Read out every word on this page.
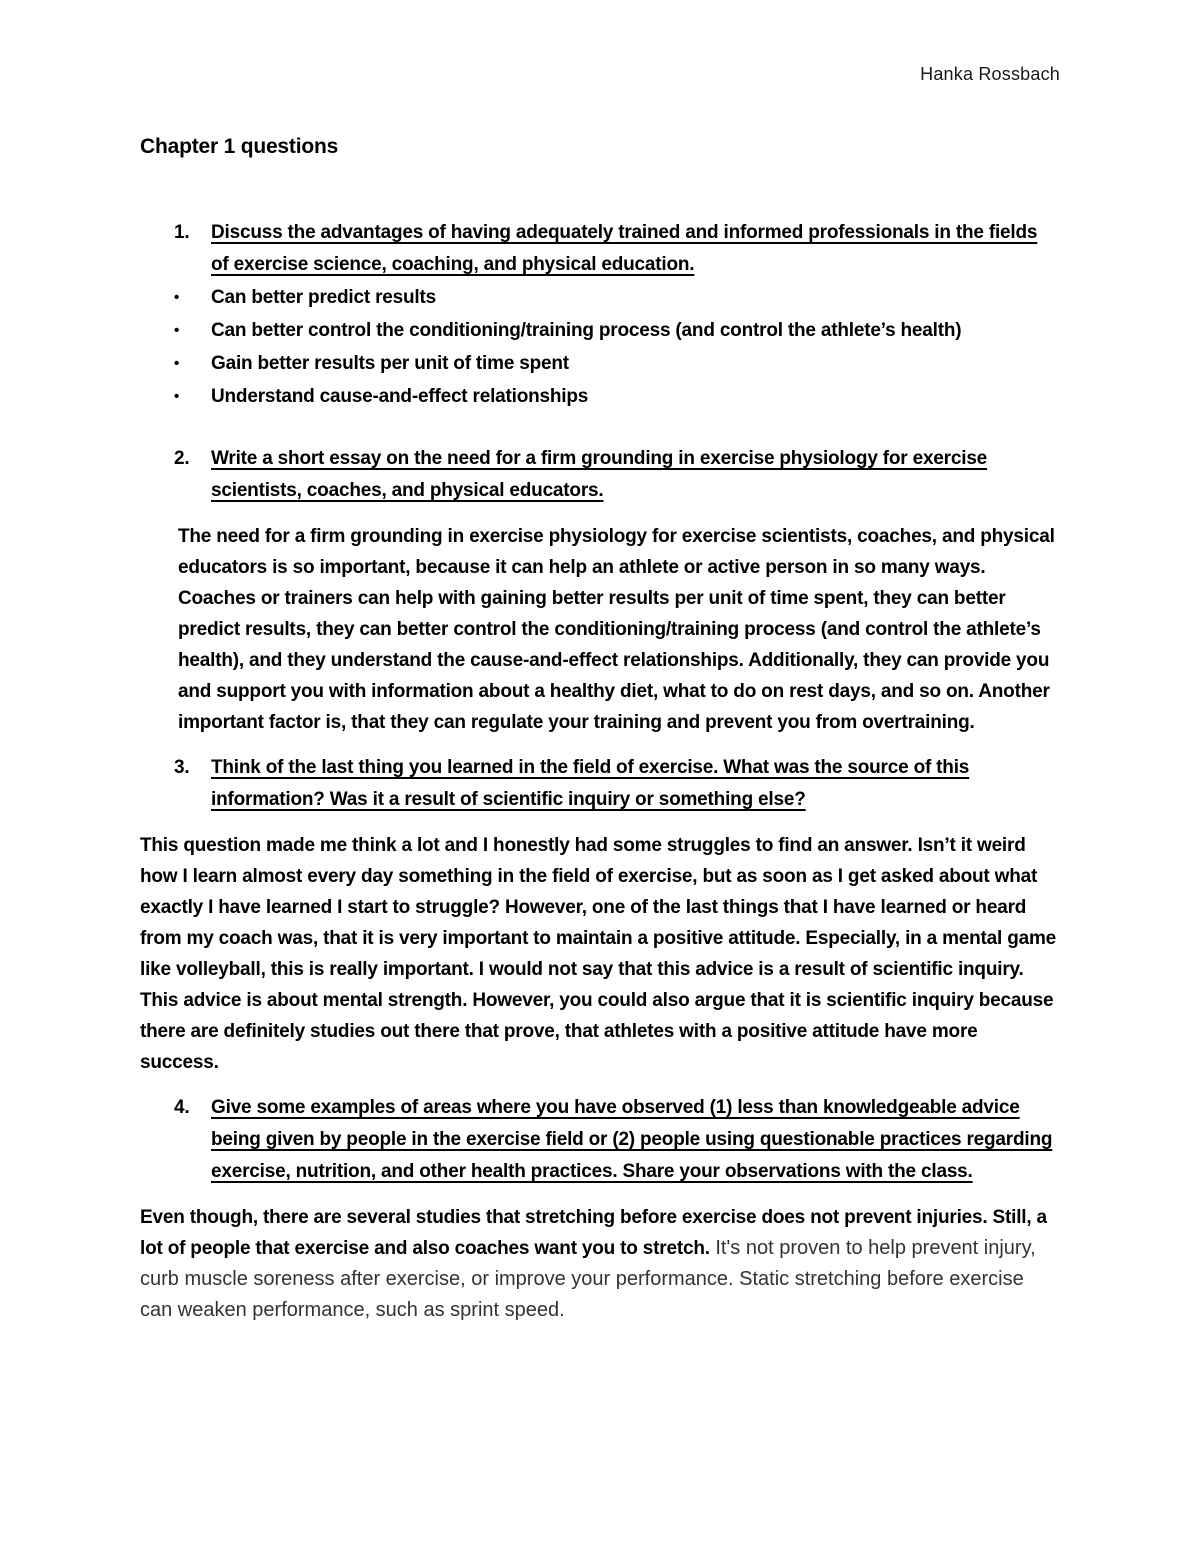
Hanka Rossbach
Chapter 1 questions
1.	Discuss the advantages of having adequately trained and informed professionals in the fields of exercise science, coaching, and physical education.
•	Can better predict results
•	Can better control the conditioning/training process (and control the athlete’s health)
•	Gain better results per unit of time spent
•	Understand cause-and-effect relationships
2.	Write a short essay on the need for a firm grounding in exercise physiology for exercise scientists, coaches, and physical educators.

The need for a firm grounding in exercise physiology for exercise scientists, coaches, and physical educators is so important, because it can help an athlete or active person in so many ways. Coaches or trainers can help with gaining better results per unit of time spent, they can better predict results, they can better control the conditioning/training process (and control the athlete’s health), and they understand the cause-and-effect relationships. Additionally, they can provide you and support you with information about a healthy diet, what to do on rest days, and so on. Another important factor is, that they can regulate your training and prevent you from overtraining.

3.	Think of the last thing you learned in the field of exercise. What was the source of this information? Was it a result of scientific inquiry or something else?

This question made me think a lot and I honestly had some struggles to find an answer. Isn’t it weird how I learn almost every day something in the field of exercise, but as soon as I get asked about what exactly I have learned I start to struggle? However, one of the last things that I have learned or heard from my coach was, that it is very important to maintain a positive attitude. Especially, in a mental game like volleyball, this is really important. I would not say that this advice is a result of scientific inquiry. This advice is about mental strength. However, you could also argue that it is scientific inquiry because there are definitely studies out there that prove, that athletes with a positive attitude have more success.

4.	Give some examples of areas where you have observed (1) less than knowledgeable advice being given by people in the exercise field or (2) people using questionable practices regarding exercise, nutrition, and other health practices. Share your observations with the class.

Even though, there are several studies that stretching before exercise does not prevent injuries. Still, a lot of people that exercise and also coaches want you to stretch. It's not proven to help prevent injury, curb muscle soreness after exercise, or improve your performance. Static stretching before exercise can weaken performance, such as sprint speed.
